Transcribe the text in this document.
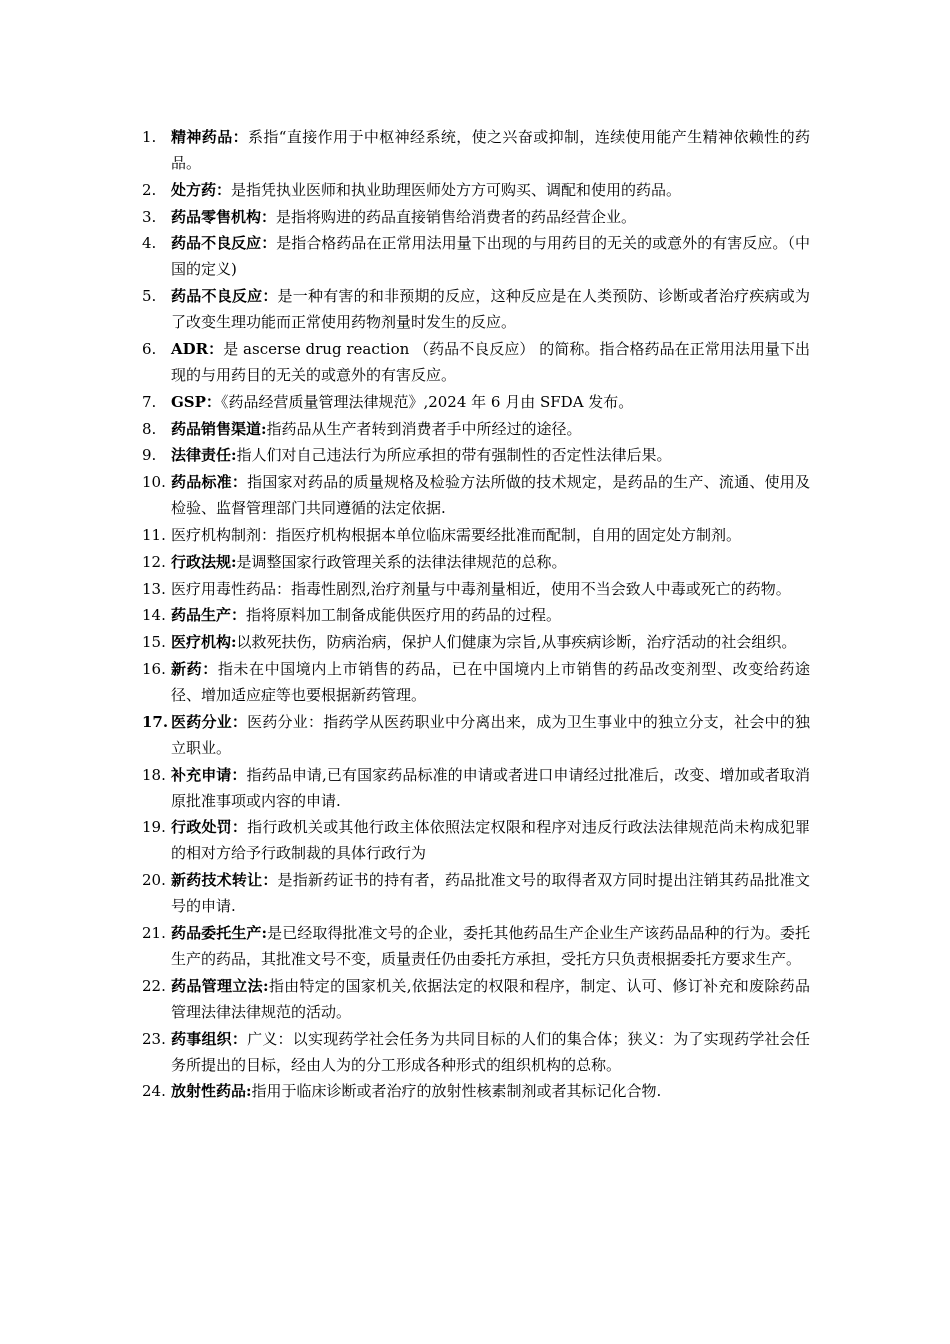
1. 精神药品：系指“直接作用于中枢神经系统，使之兴奋或抑制，连续使用能产生精神依赖性的药品。
2. 处方药：是指凭执业医师和执业助理医师处方方可购买、调配和使用的药品。
3. 药品零售机构：是指将购进的药品直接销售给消费者的药品经营企业。
4. 药品不良反应：是指合格药品在正常用法用量下出现的与用药目的无关的或意外的有害反应。（中国的定义)
5. 药品不良反应：是一种有害的和非预期的反应，这种反应是在人类预防、诊断或者治疗疾病或为了改变生理功能而正常使用药物剂量时发生的反应。
6. ADR：是 ascerse drug reaction （药品不良反应） 的简称。指合格药品在正常用法用量下出现的与用药目的无关的或意外的有害反应。
7. GSP：《药品经营质量管理法律规范》,2024 年 6 月由 SFDA 发布。
8. 药品销售渠道:指药品从生产者转到消费者手中所经过的途径。
9. 法律责任:指人们对自己违法行为所应承担的带有强制性的否定性法律后果。
10. 药品标准：指国家对药品的质量规格及检验方法所做的技术规定，是药品的生产、流通、使用及检验、监督管理部门共同遵循的法定依据.
11. 医疗机构制剂：指医疗机构根据本单位临床需要经批准而配制，自用的固定处方制剂。
12. 行政法规:是调整国家行政管理关系的法律法律规范的总称。
13. 医疗用毒性药品：指毒性剧烈,治疗剂量与中毒剂量相近，使用不当会致人中毒或死亡的药物。
14. 药品生产：指将原料加工制备成能供医疗用的药品的过程。
15. 医疗机构:以救死扶伤，防病治病，保护人们健康为宗旨,从事疾病诊断，治疗活动的社会组织。
16. 新药：指未在中国境内上市销售的药品，已在中国境内上市销售的药品改变剂型、改变给药途径、增加适应症等也要根据新药管理。
17. 医药分业：医药分业：指药学从医药职业中分离出来，成为卫生事业中的独立分支，社会中的独立职业。
18. 补充申请：指药品申请,已有国家药品标准的申请或者进口申请经过批准后，改变、增加或者取消原批准事项或内容的申请.
19. 行政处罚：指行政机关或其他行政主体依照法定权限和程序对违反行政法法律规范尚未构成犯罪的相对方给予行政制裁的具体行政行为
20. 新药技术转让：是指新药证书的持有者，药品批准文号的取得者双方同时提出注销其药品批准文号的申请.
21. 药品委托生产:是已经取得批准文号的企业，委托其他药品生产企业生产该药品品种的行为。委托生产的药品，其批准文号不变，质量责任仍由委托方承担，受托方只负责根据委托方要求生产。
22. 药品管理立法:指由特定的国家机关,依据法定的权限和程序，制定、认可、修订补充和废除药品管理法律法律规范的活动。
23. 药事组织：广义：以实现药学社会任务为共同目标的人们的集合体；狭义：为了实现药学社会任务所提出的目标，经由人为的分工形成各种形式的组织机构的总称。
24. 放射性药品:指用于临床诊断或者治疗的放射性核素制剂或者其标记化合物.
